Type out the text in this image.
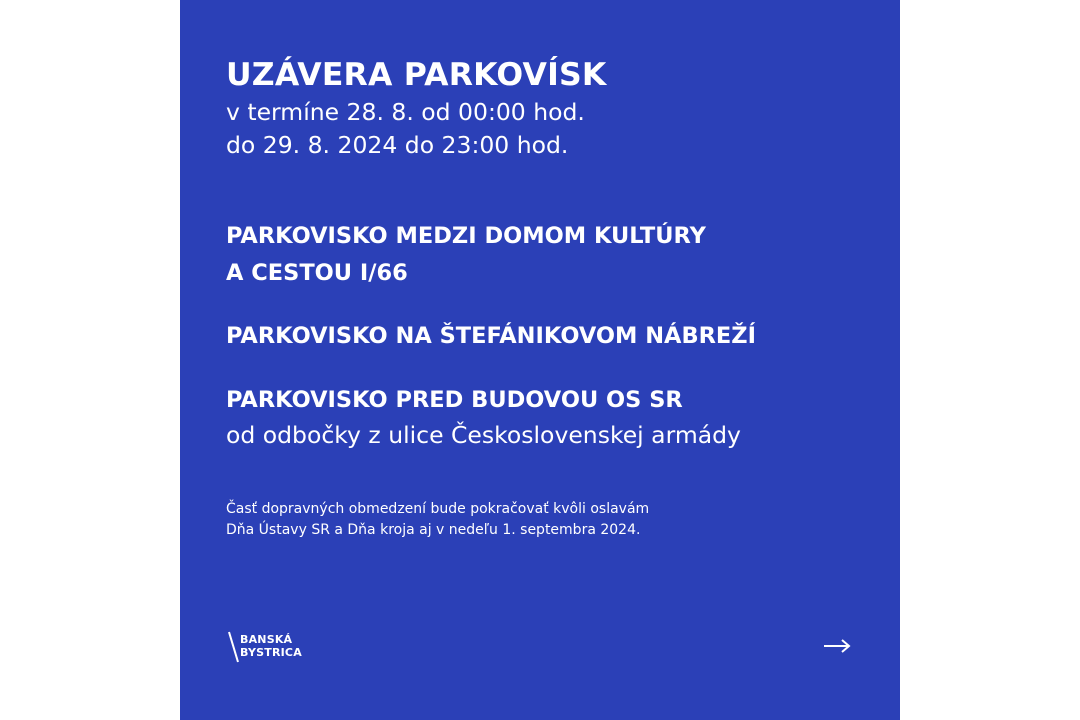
UZÁVERA PARKOVÍSK
v termíne 28. 8. od 00:00 hod.
do 29. 8. 2024 do 23:00 hod.
PARKOVISKO MEDZI DOMOM KULTÚRY
A CESTOU I/66
PARKOVISKO NA ŠTEFÁNIKOVOM NÁBREŽÍ
PARKOVISKO PRED BUDOVOU OS SR
od odbočky z ulice Československej armády
Časť dopravných obmedzení bude pokračovať kvôli oslavám
Dňa Ústavy SR a Dňa kroja aj v nedeľu 1. septembra 2024.
BANSKÁ
BYSTRICA
